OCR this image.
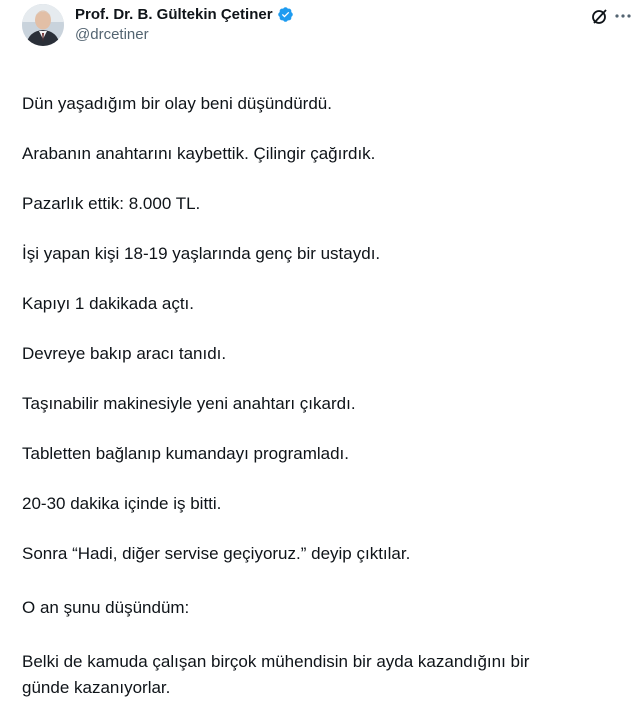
Prof. Dr. B. Gültekin Çetiner
@drcetiner
Dün yaşadığım bir olay beni düşündürdü.
Arabanın anahtarını kaybettik. Çilingir çağırdık.
Pazarlık ettik: 8.000 TL.
İşi yapan kişi 18-19 yaşlarında genç bir ustaydı.
Kapıyı 1 dakikada açtı.
Devreye bakıp aracı tanıdı.
Taşınabilir makinesiyle yeni anahtarı çıkardı.
Tabletten bağlanıp kumandayı programladı.
20-30 dakika içinde iş bitti.
Sonra “Hadi, diğer servise geçiyoruz.” deyip çıktılar.
O an şunu düşündüm:
Belki de kamuda çalışan birçok mühendisin bir ayda kazandığını bir
günde kazanıyorlar.
